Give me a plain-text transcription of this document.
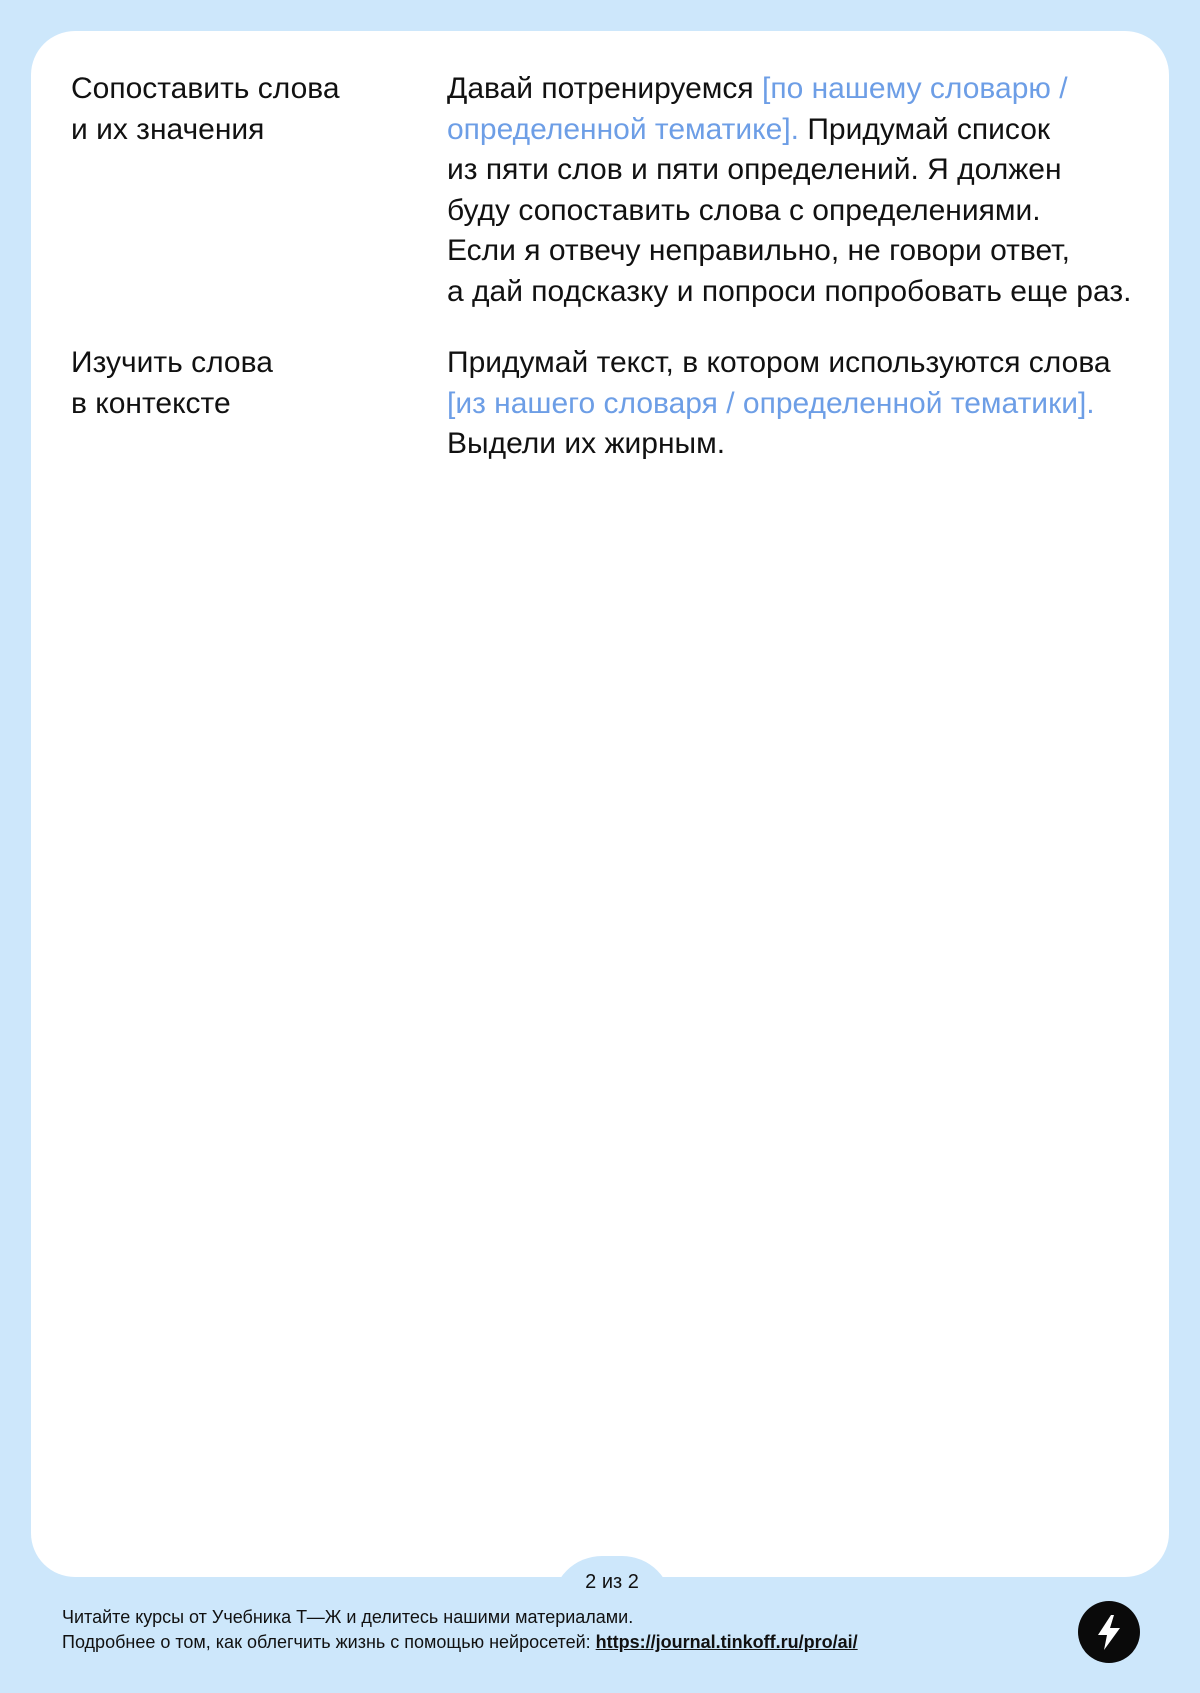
Сопоставить слова
и их значения
Давай потренируемся [по нашему словарю /
определенной тематике]. Придумай список
из пяти слов и пяти определений. Я должен
буду сопоставить слова с определениями.
Если я отвечу неправильно, не говори ответ,
а дай подсказку и попроси попробовать еще раз.
Изучить слова
в контексте
Придумай текст, в котором используются слова
[из нашего словаря / определенной тематики].
Выдели их жирным.
2 из 2
Читайте курсы от Учебника Т—Ж и делитесь нашими материалами.
Подробнее о том, как облегчить жизнь с помощью нейросетей: https://journal.tinkoff.ru/pro/ai/
